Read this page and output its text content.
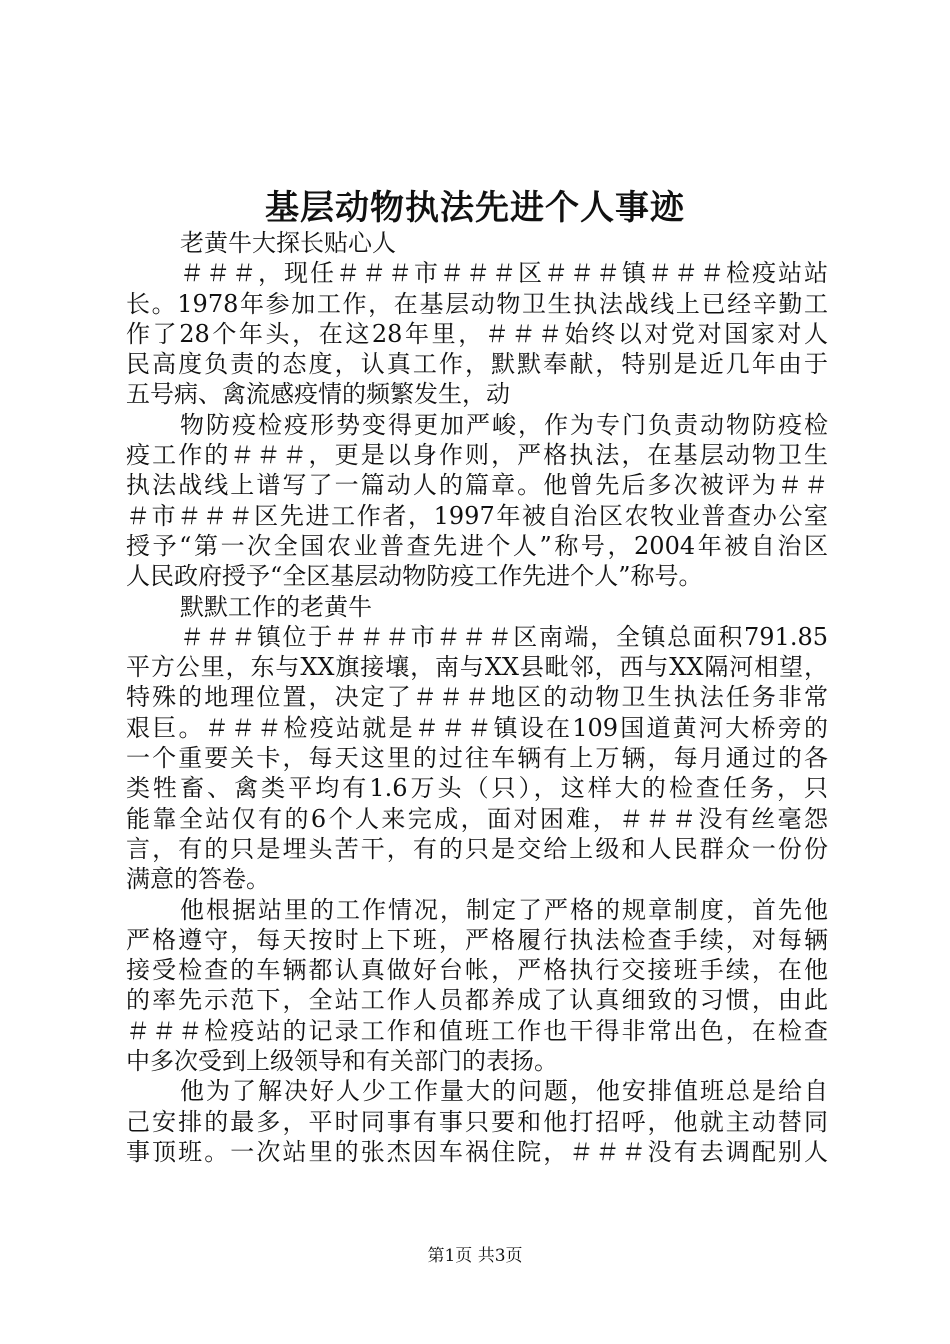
基层动物执法先进个人事迹
老黄牛大探长贴心人
＃＃＃，现任＃＃＃市＃＃＃区＃＃＃镇＃＃＃检疫站站
长。1978年参加工作，在基层动物卫生执法战线上已经辛勤工
作了28个年头，在这28年里，＃＃＃始终以对党对国家对人
民高度负责的态度，认真工作，默默奉献，特别是近几年由于
五号病、禽流感疫情的频繁发生，动
物防疫检疫形势变得更加严峻，作为专门负责动物防疫检
疫工作的＃＃＃，更是以身作则，严格执法，在基层动物卫生
执法战线上谱写了一篇动人的篇章。他曾先后多次被评为＃＃
＃市＃＃＃区先进工作者，1997年被自治区农牧业普查办公室
授予“第一次全国农业普查先进个人”称号，2004年被自治区
人民政府授予“全区基层动物防疫工作先进个人”称号。
默默工作的老黄牛
＃＃＃镇位于＃＃＃市＃＃＃区南端，全镇总面积791.85
平方公里，东与XX旗接壤，南与XX县毗邻，西与XX隔河相望，
特殊的地理位置，决定了＃＃＃地区的动物卫生执法任务非常
艰巨。＃＃＃检疫站就是＃＃＃镇设在109国道黄河大桥旁的
一个重要关卡，每天这里的过往车辆有上万辆，每月通过的各
类牲畜、禽类平均有1.6万头（只），这样大的检查任务，只
能靠全站仅有的6个人来完成，面对困难，＃＃＃没有丝毫怨
言，有的只是埋头苦干，有的只是交给上级和人民群众一份份
满意的答卷。
他根据站里的工作情况，制定了严格的规章制度，首先他
严格遵守，每天按时上下班，严格履行执法检查手续，对每辆
接受检查的车辆都认真做好台帐，严格执行交接班手续，在他
的率先示范下，全站工作人员都养成了认真细致的习惯，由此
＃＃＃检疫站的记录工作和值班工作也干得非常出色，在检查
中多次受到上级领导和有关部门的表扬。
他为了解决好人少工作量大的问题，他安排值班总是给自
己安排的最多，平时同事有事只要和他打招呼，他就主动替同
事顶班。一次站里的张杰因车祸住院，＃＃＃没有去调配别人
第1页 共3页
